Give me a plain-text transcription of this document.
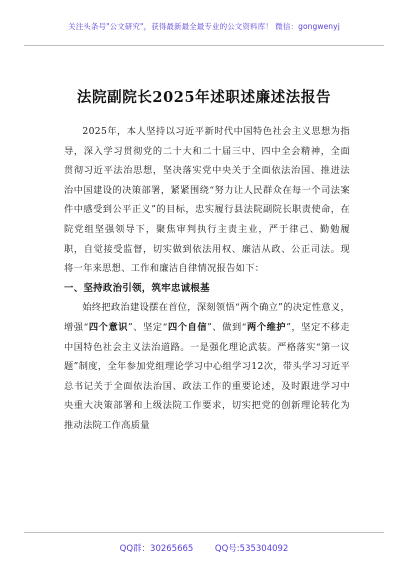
关注头条号"公文研究"，获得最新最全最专业的公文资料库！ 微信：gongwenyj
法院副院长2025年述职述廉述法报告

2025年，本人坚持以习近平新时代中国特色社会主义思想为指导，深入学习贯彻党的二十大和二十届三中、四中全会精神，全面贯彻习近平法治思想，坚决落实党中央关于全面依法治国、推进法治中国建设的决策部署，紧紧围绕“努力让人民群众在每一个司法案件中感受到公平正义”的目标，忠实履行县法院副院长职责使命，在院党组坚强领导下，聚焦审判执行主责主业，严于律己、勤勉履职，自觉接受监督，切实做到依法用权、廉洁从政、公正司法。现将一年来思想、工作和廉洁自律情况报告如下：

一、坚持政治引领，筑牢忠诚根基

始终把政治建设摆在首位，深刻领悟“两个确立”的决定性意义，增强“四个意识”、坚定“四个自信”、做到“两个维护”，坚定不移走中国特色社会主义法治道路。一是强化理论武装。严格落实“第一议题”制度，全年参加党组理论学习中心组学习12次，带头学习习近平总书记关于全面依法治国、政法工作的重要论述，及时跟进学习中央重大决策部署和上级法院工作要求，切实把党的创新理论转化为推动法院工作高质量

QQ群：30265665        QQ号:535304092
